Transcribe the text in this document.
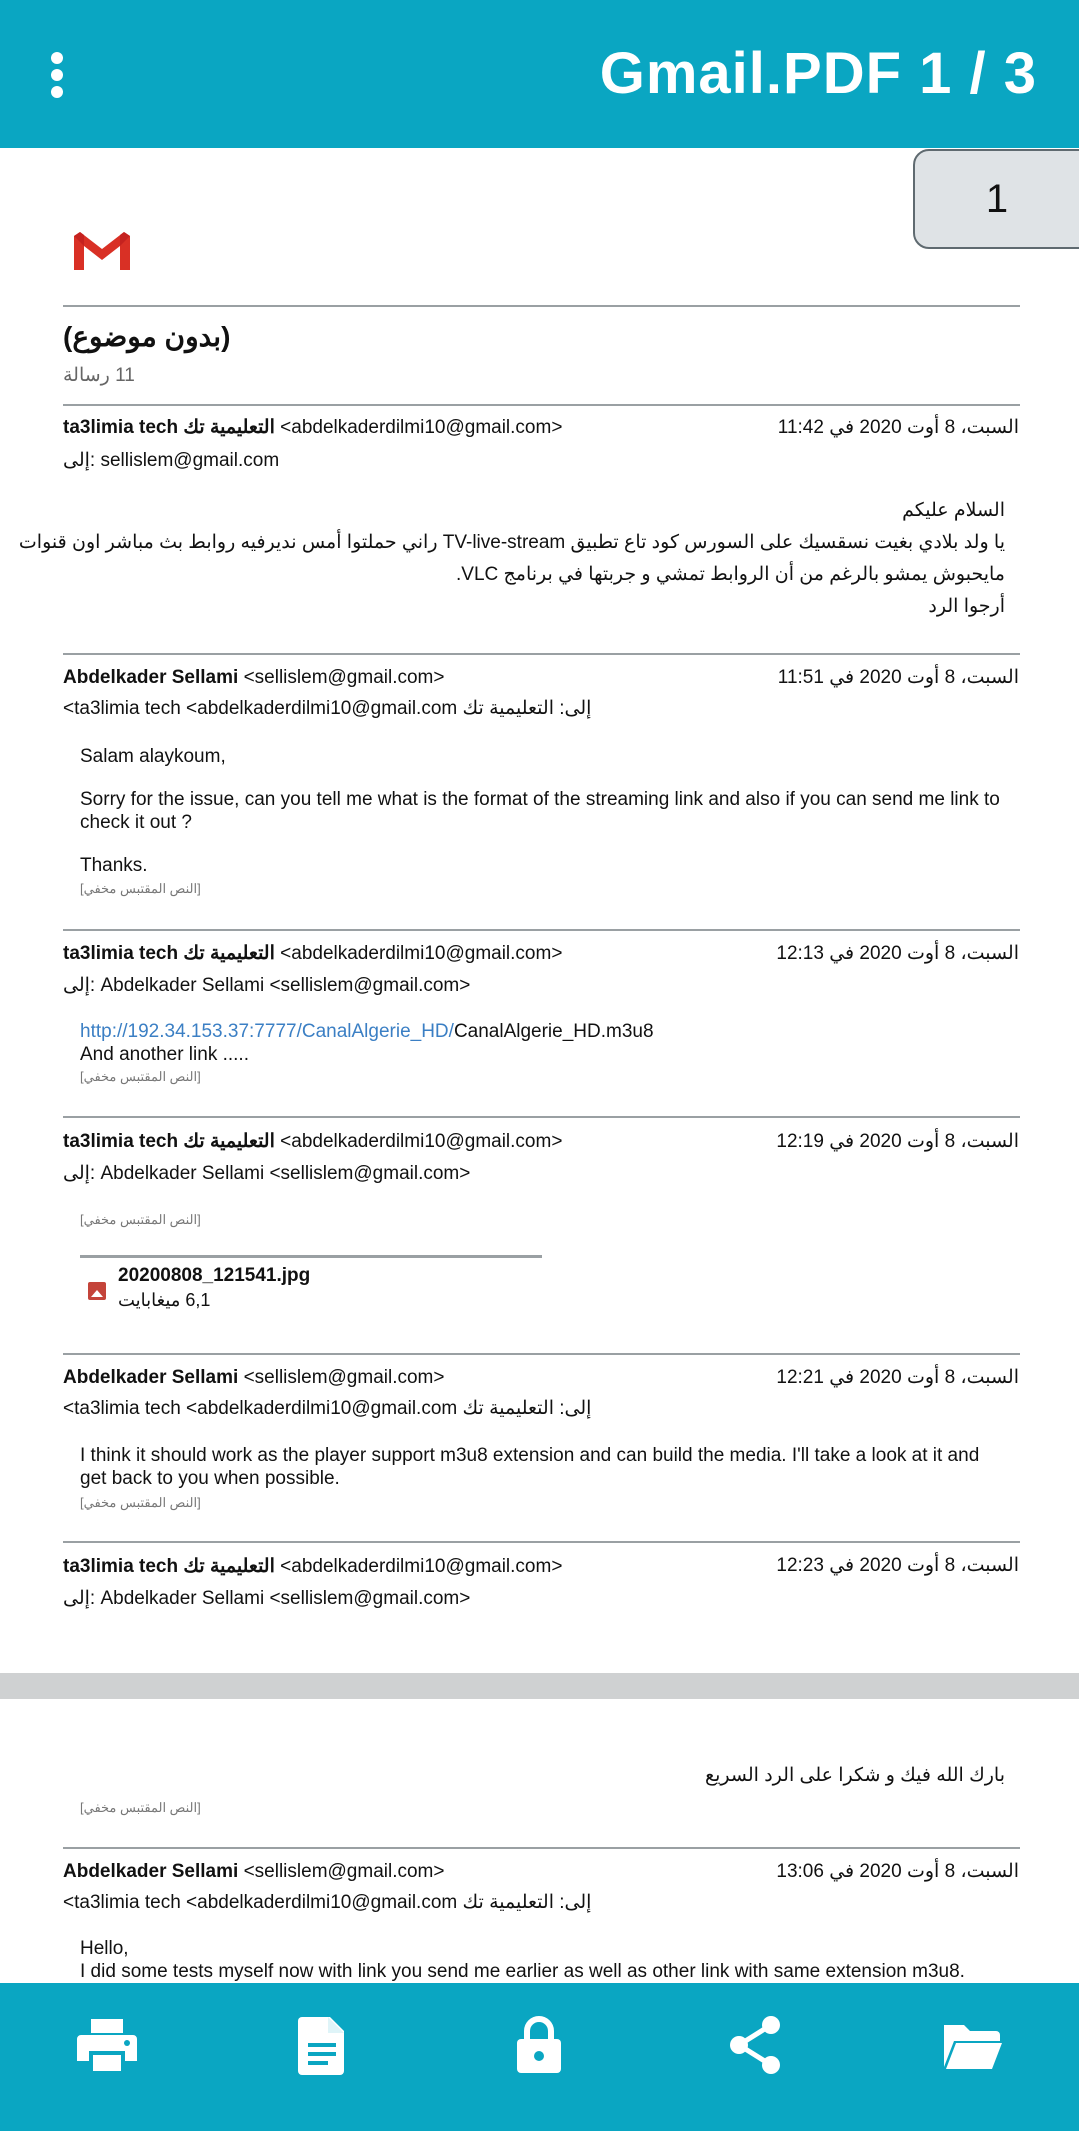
Gmail.PDF 1 / 3
1
(بدون موضوع)
11 رسالة
ta3limia tech التعليمية تك <abdelkaderdilmi10@gmail.com>	السبت، 8 أوت 2020 في 11:42
إلى: sellislem@gmail.com
السلام عليكم
يا ولد بلادي بغيت نسقسيك على السورس كود تاع تطبيق TV-live-stream راني حملتوا أمس نديرفيه روابط بث مباشر اون قنوات
مايحبوش يمشو بالرغم من أن الروابط تمشي و جربتها في برنامج VLC.
أرجوا الرد
Abdelkader Sellami <sellislem@gmail.com>	السبت، 8 أوت 2020 في 11:51
إلى: التعليمية تك ta3limia tech <abdelkaderdilmi10@gmail.com>
Salam alaykoum,
Sorry for the issue, can you tell me what is the format of the streaming link and also if you can send me link to check it out ?
Thanks.
[النص المقتبس مخفي]
ta3limia tech التعليمية تك <abdelkaderdilmi10@gmail.com>	السبت، 8 أوت 2020 في 12:13
إلى: Abdelkader Sellami <sellislem@gmail.com>
http://192.34.153.37:7777/CanalAlgerie_HD/CanalAlgerie_HD.m3u8
And another link .....
[النص المقتبس مخفي]
ta3limia tech التعليمية تك <abdelkaderdilmi10@gmail.com>	السبت، 8 أوت 2020 في 12:19
إلى: Abdelkader Sellami <sellislem@gmail.com>
[النص المقتبس مخفي]
20200808_121541.jpg
6,1 ميغابايت
Abdelkader Sellami <sellislem@gmail.com>	السبت، 8 أوت 2020 في 12:21
إلى: التعليمية تك ta3limia tech <abdelkaderdilmi10@gmail.com>
I think it should work as the player support m3u8 extension and can build the media. I'll take a look at it and get back to you when possible.
[النص المقتبس مخفي]
ta3limia tech التعليمية تك <abdelkaderdilmi10@gmail.com>	السبت، 8 أوت 2020 في 12:23
إلى: Abdelkader Sellami <sellislem@gmail.com>
بارك الله فيك و شكرا على الرد السريع
[النص المقتبس مخفي]
Abdelkader Sellami <sellislem@gmail.com>	السبت، 8 أوت 2020 في 13:06
إلى: التعليمية تك ta3limia tech <abdelkaderdilmi10@gmail.com>
Hello,
I did some tests myself now with link you send me earlier as well as other link with same extension m3u8.
